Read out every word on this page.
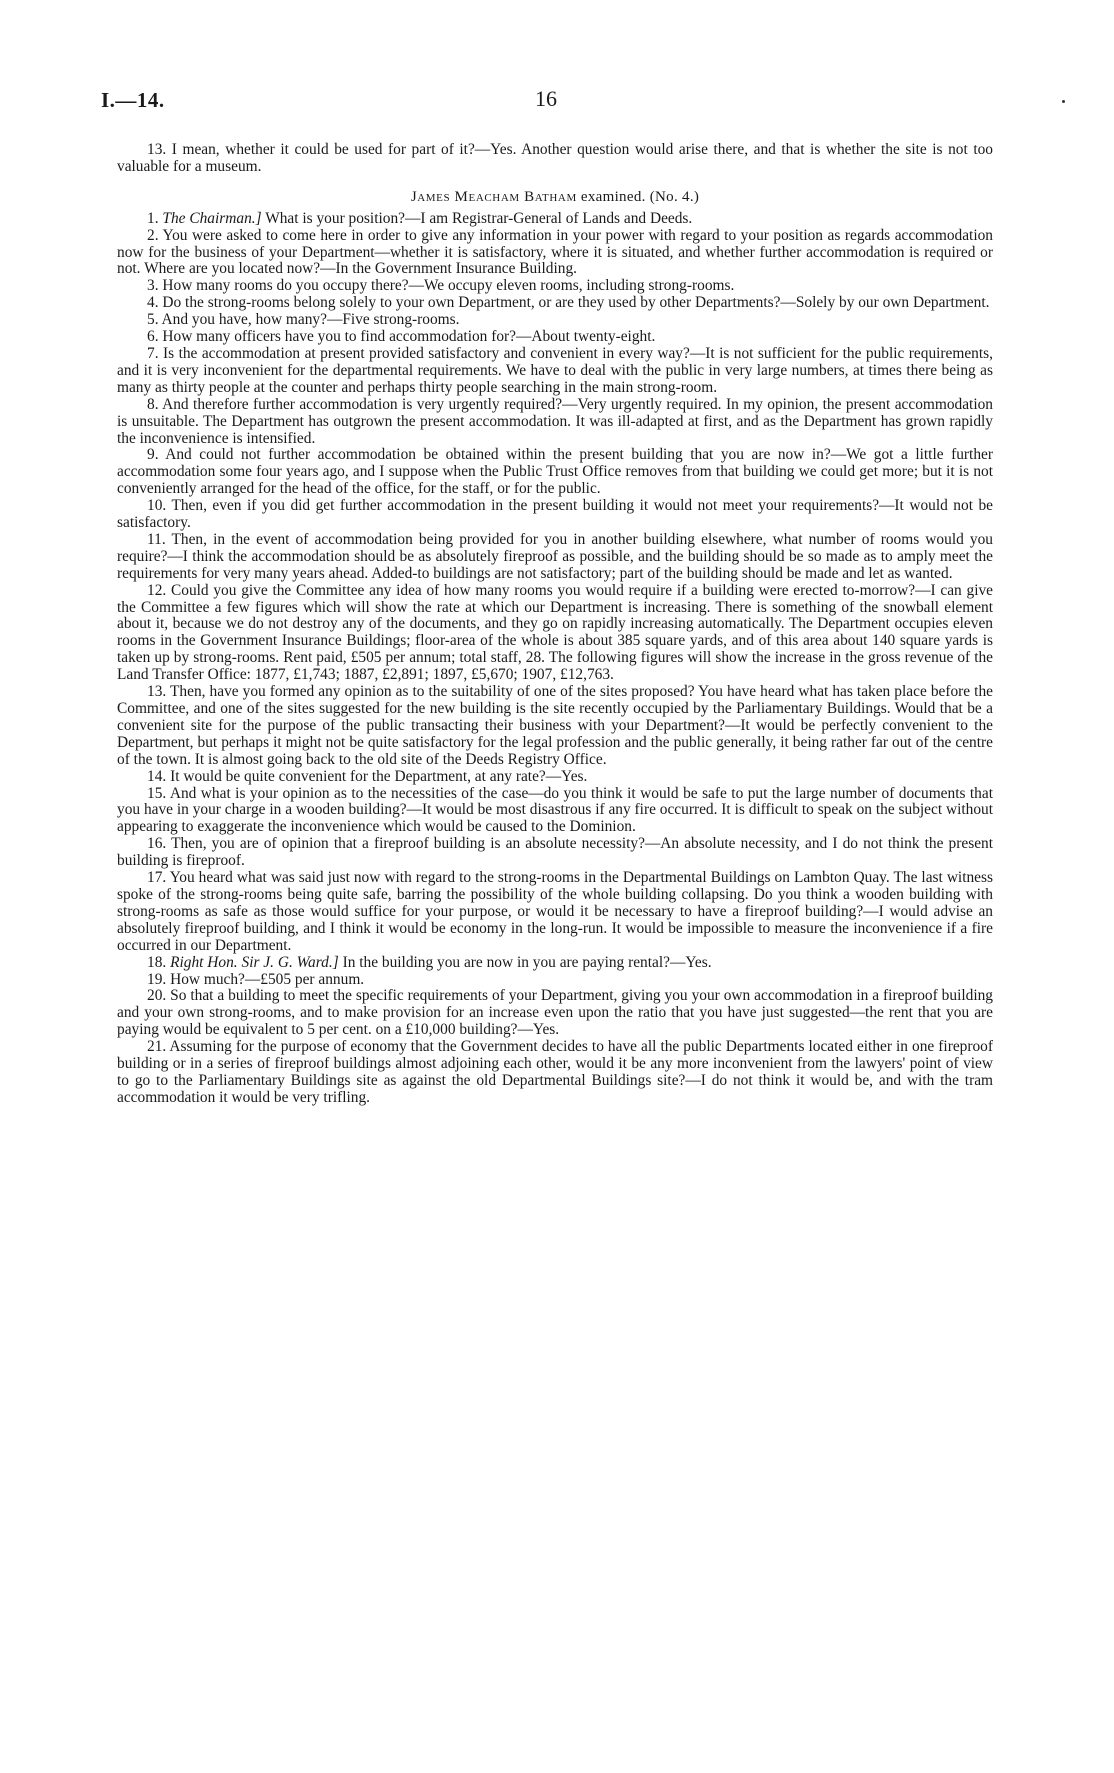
I.—14.	16

13. I mean, whether it could be used for part of it?—Yes. Another question would arise there, and that is whether the site is not too valuable for a museum.

James Meacham Batham examined. (No. 4.)

1. The Chairman.] What is your position?—I am Registrar-General of Lands and Deeds.

2. You were asked to come here in order to give any information in your power with regard to your position as regards accommodation now for the business of your Department—whether it is satisfactory, where it is situated, and whether further accommodation is required or not. Where are you located now?—In the Government Insurance Building.

3. How many rooms do you occupy there?—We occupy eleven rooms, including strong-rooms.

4. Do the strong-rooms belong solely to your own Department, or are they used by other Departments?—Solely by our own Department.

5. And you have, how many?—Five strong-rooms.

6. How many officers have you to find accommodation for?—About twenty-eight.

7. Is the accommodation at present provided satisfactory and convenient in every way?—It is not sufficient for the public requirements, and it is very inconvenient for the departmental requirements. We have to deal with the public in very large numbers, at times there being as many as thirty people at the counter and perhaps thirty people searching in the main strong-room.

8. And therefore further accommodation is very urgently required?—Very urgently required. In my opinion, the present accommodation is unsuitable. The Department has outgrown the present accommodation. It was ill-adapted at first, and as the Department has grown rapidly the inconvenience is intensified.

9. And could not further accommodation be obtained within the present building that you are now in?—We got a little further accommodation some four years ago, and I suppose when the Public Trust Office removes from that building we could get more; but it is not conveniently arranged for the head of the office, for the staff, or for the public.

10. Then, even if you did get further accommodation in the present building it would not meet your requirements?—It would not be satisfactory.

11. Then, in the event of accommodation being provided for you in another building elsewhere, what number of rooms would you require?—I think the accommodation should be as absolutely fireproof as possible, and the building should be so made as to amply meet the requirements for very many years ahead. Added-to buildings are not satisfactory; part of the building should be made and let as wanted.

12. Could you give the Committee any idea of how many rooms you would require if a building were erected to-morrow?—I can give the Committee a few figures which will show the rate at which our Department is increasing. There is something of the snowball element about it, because we do not destroy any of the documents, and they go on rapidly increasing automatically. The Department occupies eleven rooms in the Government Insurance Buildings; floor-area of the whole is about 385 square yards, and of this area about 140 square yards is taken up by strong-rooms. Rent paid, £505 per annum; total staff, 28. The following figures will show the increase in the gross revenue of the Land Transfer Office: 1877, £1,743; 1887, £2,891; 1897, £5,670; 1907, £12,763.

13. Then, have you formed any opinion as to the suitability of one of the sites proposed? You have heard what has taken place before the Committee, and one of the sites suggested for the new building is the site recently occupied by the Parliamentary Buildings. Would that be a convenient site for the purpose of the public transacting their business with your Department?—It would be perfectly convenient to the Department, but perhaps it might not be quite satisfactory for the legal profession and the public generally, it being rather far out of the centre of the town. It is almost going back to the old site of the Deeds Registry Office.

14. It would be quite convenient for the Department, at any rate?—Yes.

15. And what is your opinion as to the necessities of the case—do you think it would be safe to put the large number of documents that you have in your charge in a wooden building?—It would be most disastrous if any fire occurred. It is difficult to speak on the subject without appearing to exaggerate the inconvenience which would be caused to the Dominion.

16. Then, you are of opinion that a fireproof building is an absolute necessity?—An absolute necessity, and I do not think the present building is fireproof.

17. You heard what was said just now with regard to the strong-rooms in the Departmental Buildings on Lambton Quay. The last witness spoke of the strong-rooms being quite safe, barring the possibility of the whole building collapsing. Do you think a wooden building with strong-rooms as safe as those would suffice for your purpose, or would it be necessary to have a fireproof building?—I would advise an absolutely fireproof building, and I think it would be economy in the long-run. It would be impossible to measure the inconvenience if a fire occurred in our Department.

18. Right Hon. Sir J. G. Ward.] In the building you are now in you are paying rental?—Yes.

19. How much?—£505 per annum.

20. So that a building to meet the specific requirements of your Department, giving you your own accommodation in a fireproof building and your own strong-rooms, and to make provision for an increase even upon the ratio that you have just suggested—the rent that you are paying would be equivalent to 5 per cent. on a £10,000 building?—Yes.

21. Assuming for the purpose of economy that the Government decides to have all the public Departments located either in one fireproof building or in a series of fireproof buildings almost adjoining each other, would it be any more inconvenient from the lawyers' point of view to go to the Parliamentary Buildings site as against the old Departmental Buildings site?—I do not think it would be, and with the tram accommodation it would be very trifling.
